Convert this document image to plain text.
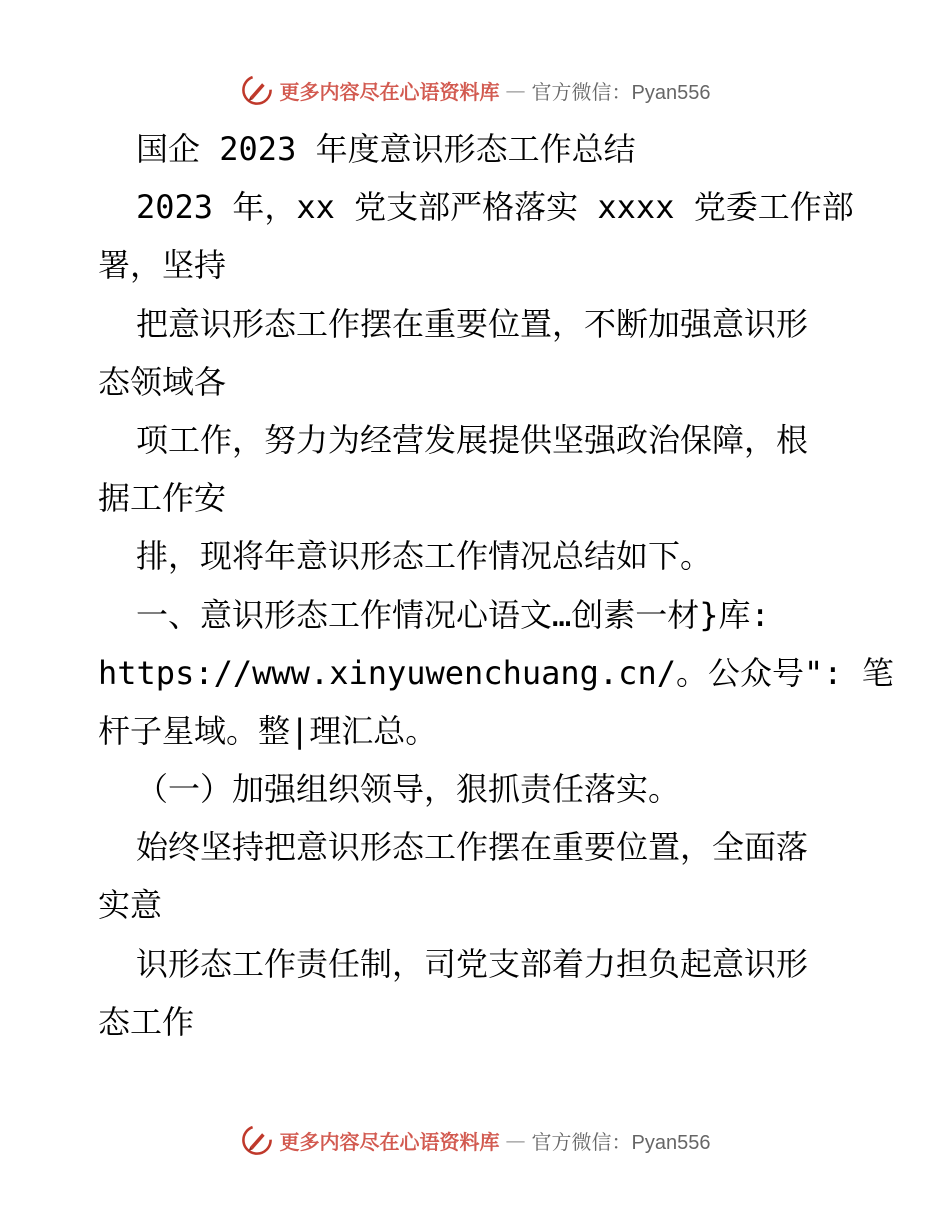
更多内容尽在心语资料库 — 官方微信：Pyan556
国企 2023 年度意识形态工作总结
2023 年，xx 党支部严格落实 xxxx 党委工作部
署，坚持
把意识形态工作摆在重要位置，不断加强意识形
态领域各
项工作，努力为经营发展提供坚强政治保障，根
据工作安
排，现将年意识形态工作情况总结如下。
一、意识形态工作情况心语文…创素一材}库:
https://www.xinyuwenchuang.cn/。公众号": 笔
杆子星域。整|理汇总。
（一）加强组织领导，狠抓责任落实。
始终坚持把意识形态工作摆在重要位置，全面落
实意
识形态工作责任制，司党支部着力担负起意识形
态工作
更多内容尽在心语资料库 — 官方微信：Pyan556
